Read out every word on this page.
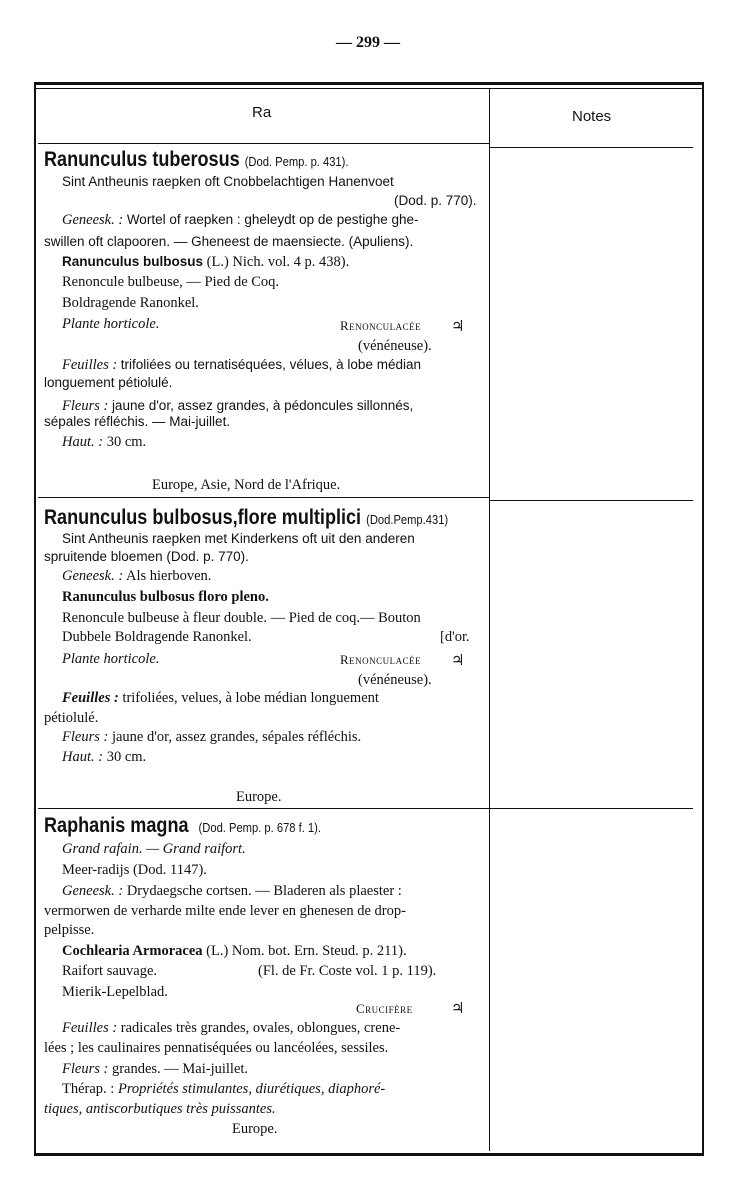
— 299 —
Ra	Notes
Ranunculus tuberosus (Dod. Pemp. p. 431).
Sint Antheunis raepken oft Cnobbelachtigen Hanenvoet
(Dod. p. 770).
Geneesk. : Wortel of raepken : gheleydt op de pestighe ghe-
swillen oft clapooren. — Gheneest de maensiecte. (Apuliens).
Ranunculus bulbosus (L.) Nich. vol. 4 p. 438).
Renoncule bulbeuse, — Pied de Coq.
Boldragende Ranonkel.
Plante horticole.	Renonculacée ♃
(vénéneuse).
Feuilles : trifoliées ou ternatiséquées, vélues, à lobe médian
longuement pétiolulé.
Fleurs : jaune d'or, assez grandes, à pédoncules sillonnés,
sépales réfléchis. — Mai-juillet.
Haut. : 30 cm.
Europe, Asie, Nord de l'Afrique.
Ranunculus bulbosus,flore multiplici (Dod.Pemp.431)
Sint Antheunis raepken met Kinderkens oft uit den anderen
spruitende bloemen (Dod. p. 770).
Geneesk. : Als hierboven.
Ranunculus bulbosus floro pleno.
Renoncule bulbeuse à fleur double. — Pied de coq.— Bouton
Dubbele Boldragende Ranonkel.	[d'or.
Plante horticole.	Renonculacée ♃
(vénéneuse).
Feuilles : trifoliées, velues, à lobe médian longuement
pétiolulé.
Fleurs : jaune d'or, assez grandes, sépales réfléchis.
Haut. : 30 cm.
Europe.
Raphanis magna (Dod. Pemp. p. 678 f. 1).
Grand rafain. — Grand raifort.
Meer-radijs (Dod. 1147).
Geneesk. : Drydaegsche cortsen. — Bladeren als plaester :
vermorwen de verharde milte ende lever en ghenesen de drop-
pelpisse.
Cochlearia Armoracea (L.) Nom. bot. Ern. Steud. p. 211).
Raifort sauvage.	(Fl. de Fr. Coste vol. 1 p. 119).
Mierik-Lepelblad.
Crucifère	♃
Feuilles : radicales très grandes, ovales, oblongues, crene-
lées ; les caulinaires pennatiséquées ou lancéolées, sessiles.
Fleurs : grandes. — Mai-juillet.
Thérap. : Propriétés stimulantes, diurétiques, diaphoré-
tiques, antiscorbutiques très puissantes.
Europe.
